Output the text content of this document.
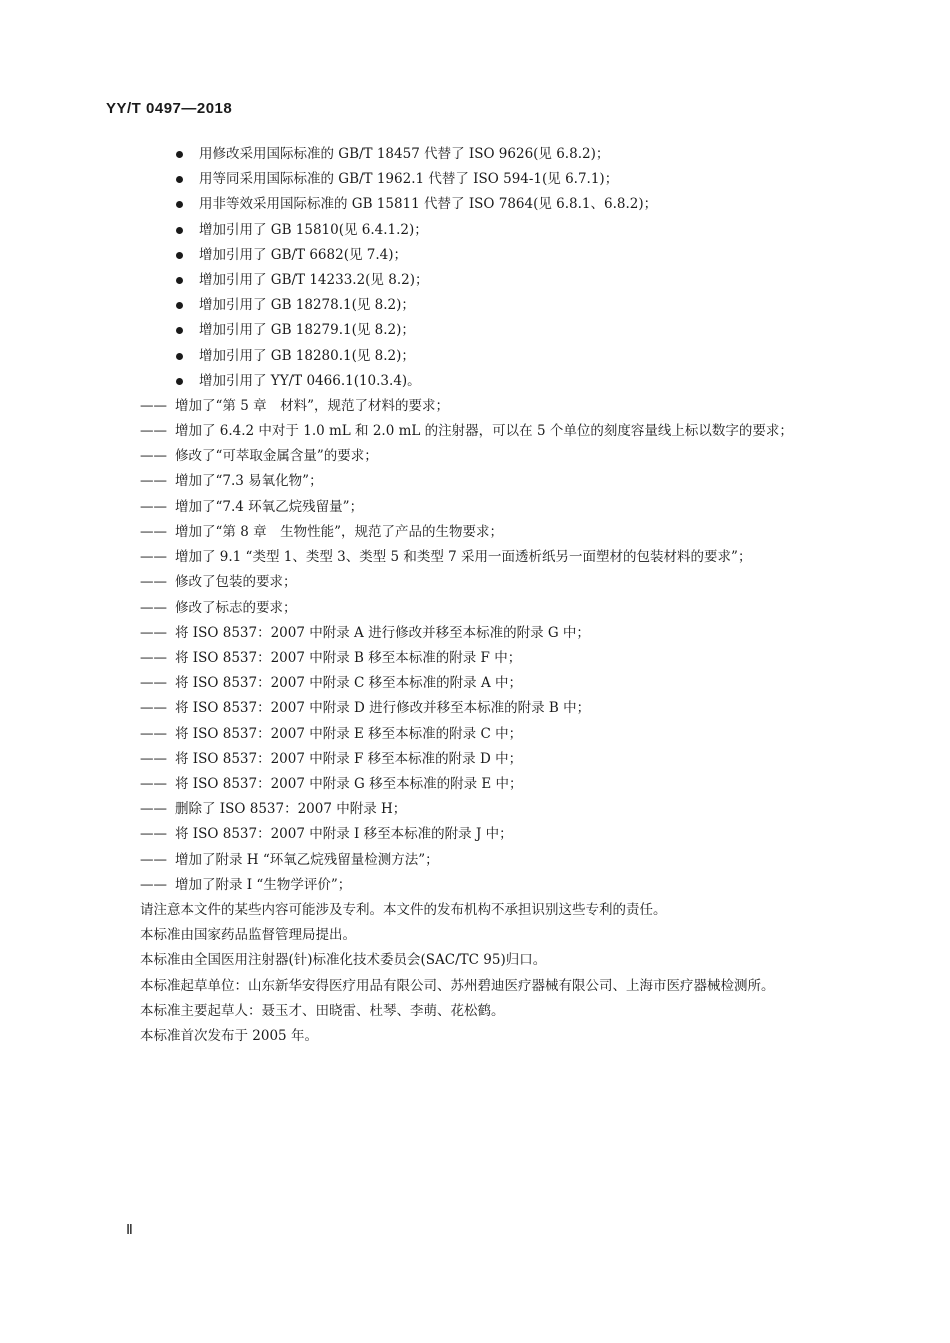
YY/T 0497—2018
用修改采用国际标准的 GB/T 18457 代替了 ISO 9626(见 6.8.2)；
用等同采用国际标准的 GB/T 1962.1 代替了 ISO 594-1(见 6.7.1)；
用非等效采用国际标准的 GB 15811 代替了 ISO 7864(见 6.8.1、6.8.2)；
增加引用了 GB 15810(见 6.4.1.2)；
增加引用了 GB/T 6682(见 7.4)；
增加引用了 GB/T 14233.2(见 8.2)；
增加引用了 GB 18278.1(见 8.2)；
增加引用了 GB 18279.1(见 8.2)；
增加引用了 GB 18280.1(见 8.2)；
增加引用了 YY/T 0466.1(10.3.4)。
—— 增加了“第 5 章　材料”，规范了材料的要求；
—— 增加了 6.4.2 中对于 1.0 mL 和 2.0 mL 的注射器，可以在 5 个单位的刻度容量线上标以数字的要求；
—— 修改了“可萃取金属含量”的要求；
—— 增加了“7.3 易氧化物”；
—— 增加了“7.4 环氧乙烷残留量”；
—— 增加了“第 8 章　生物性能”，规范了产品的生物要求；
—— 增加了 9.1 “类型 1、类型 3、类型 5 和类型 7 采用一面透析纸另一面塑材的包装材料的要求”；
—— 修改了包装的要求；
—— 修改了标志的要求；
—— 将 ISO 8537：2007 中附录 A 进行修改并移至本标准的附录 G 中；
—— 将 ISO 8537：2007 中附录 B 移至本标准的附录 F 中；
—— 将 ISO 8537：2007 中附录 C 移至本标准的附录 A 中；
—— 将 ISO 8537：2007 中附录 D 进行修改并移至本标准的附录 B 中；
—— 将 ISO 8537：2007 中附录 E 移至本标准的附录 C 中；
—— 将 ISO 8537：2007 中附录 F 移至本标准的附录 D 中；
—— 将 ISO 8537：2007 中附录 G 移至本标准的附录 E 中；
—— 删除了 ISO 8537：2007 中附录 H；
—— 将 ISO 8537：2007 中附录 I 移至本标准的附录 J 中；
—— 增加了附录 H “环氧乙烷残留量检测方法”；
—— 增加了附录 I “生物学评价”；

请注意本文件的某些内容可能涉及专利。本文件的发布机构不承担识别这些专利的责任。

本标准由国家药品监督管理局提出。

本标准由全国医用注射器(针)标准化技术委员会(SAC/TC 95)归口。

本标准起草单位：山东新华安得医疗用品有限公司、苏州碧迪医疗器械有限公司、上海市医疗器械检测所。

本标准主要起草人：聂玉才、田晓雷、杜琴、李萌、花松鹤。

本标准首次发布于 2005 年。

Ⅱ
